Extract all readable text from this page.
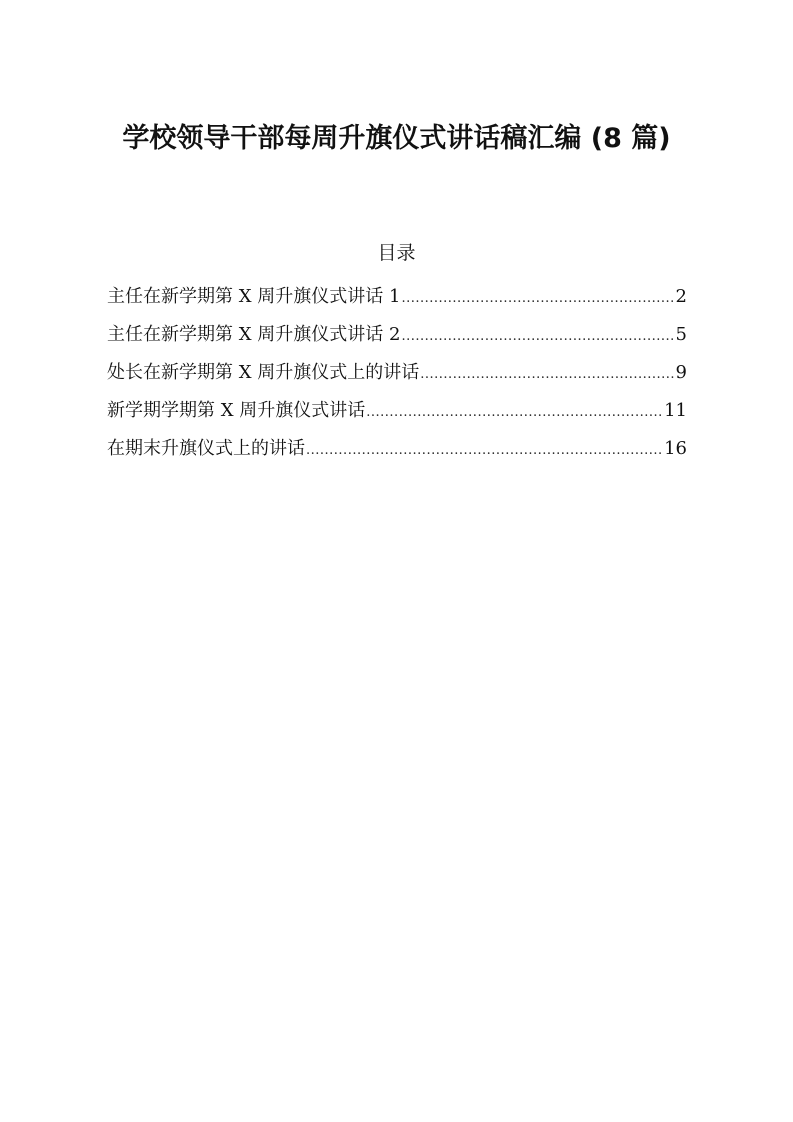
学校领导干部每周升旗仪式讲话稿汇编 (8 篇)
目录
主任在新学期第 X 周升旗仪式讲话 1 .....	2
主任在新学期第 X 周升旗仪式讲话 2 .....	5
处长在新学期第 X 周升旗仪式上的讲话 .....	9
新学期学期第 X 周升旗仪式讲话 .....	11
在期末升旗仪式上的讲话 .....	16
